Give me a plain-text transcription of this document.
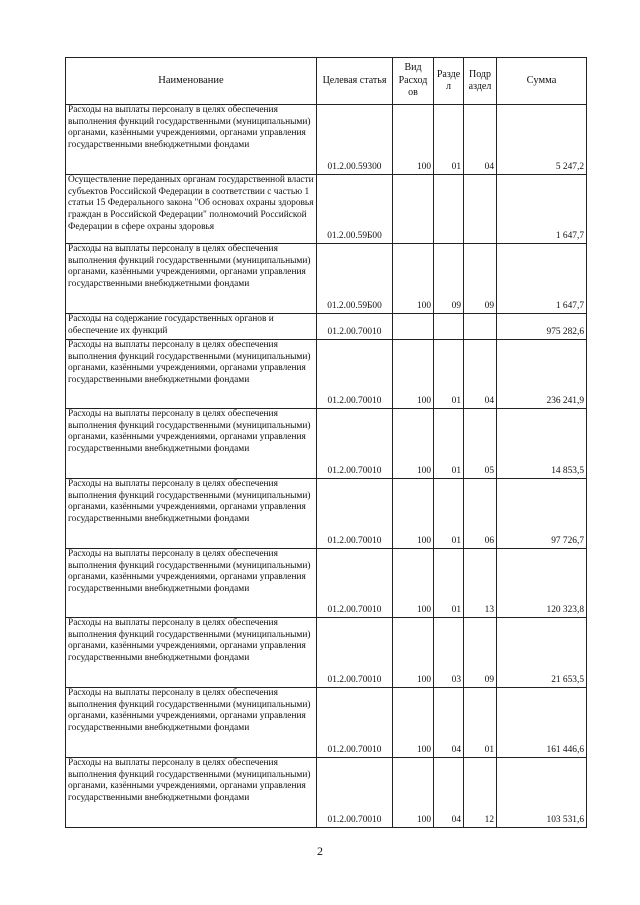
Наименование	Целевая статья	Вид Расход ов	Разде л	Подр аздел	Сумма
Расходы на выплаты персоналу в целях обеспечения выполнения функций государственными (муниципальными) органами, казёнными учреждениями, органами управления государственными внебюджетными фондами	01.2.00.59300	100	01	04	5 247,2
Осуществление переданных органам государственной власти субъектов Российской Федерации в соответствии с частью 1 статьи 15 Федерального закона "Об основах охраны здоровья граждан в Российской Федерации" полномочий Российской Федерации в сфере охраны здоровья	01.2.00.59Б00				1 647,7
Расходы на выплаты персоналу в целях обеспечения выполнения функций государственными (муниципальными) органами, казёнными учреждениями, органами управления государственными внебюджетными фондами	01.2.00.59Б00	100	09	09	1 647,7
Расходы на содержание государственных органов и обеспечение их функций	01.2.00.70010				975 282,6
Расходы на выплаты персоналу в целях обеспечения выполнения функций государственными (муниципальными) органами, казёнными учреждениями, органами управления государственными внебюджетными фондами	01.2.00.70010	100	01	04	236 241,9
Расходы на выплаты персоналу в целях обеспечения выполнения функций государственными (муниципальными) органами, казёнными учреждениями, органами управления государственными внебюджетными фондами	01.2.00.70010	100	01	05	14 853,5
Расходы на выплаты персоналу в целях обеспечения выполнения функций государственными (муниципальными) органами, казёнными учреждениями, органами управления государственными внебюджетными фондами	01.2.00.70010	100	01	06	97 726,7
Расходы на выплаты персоналу в целях обеспечения выполнения функций государственными (муниципальными) органами, казёнными учреждениями, органами управления государственными внебюджетными фондами	01.2.00.70010	100	01	13	120 323,8
Расходы на выплаты персоналу в целях обеспечения выполнения функций государственными (муниципальными) органами, казёнными учреждениями, органами управления государственными внебюджетными фондами	01.2.00.70010	100	03	09	21 653,5
Расходы на выплаты персоналу в целях обеспечения выполнения функций государственными (муниципальными) органами, казёнными учреждениями, органами управления государственными внебюджетными фондами	01.2.00.70010	100	04	01	161 446,6
Расходы на выплаты персоналу в целях обеспечения выполнения функций государственными (муниципальными) органами, казёнными учреждениями, органами управления государственными внебюджетными фондами	01.2.00.70010	100	04	12	103 531,6
2
